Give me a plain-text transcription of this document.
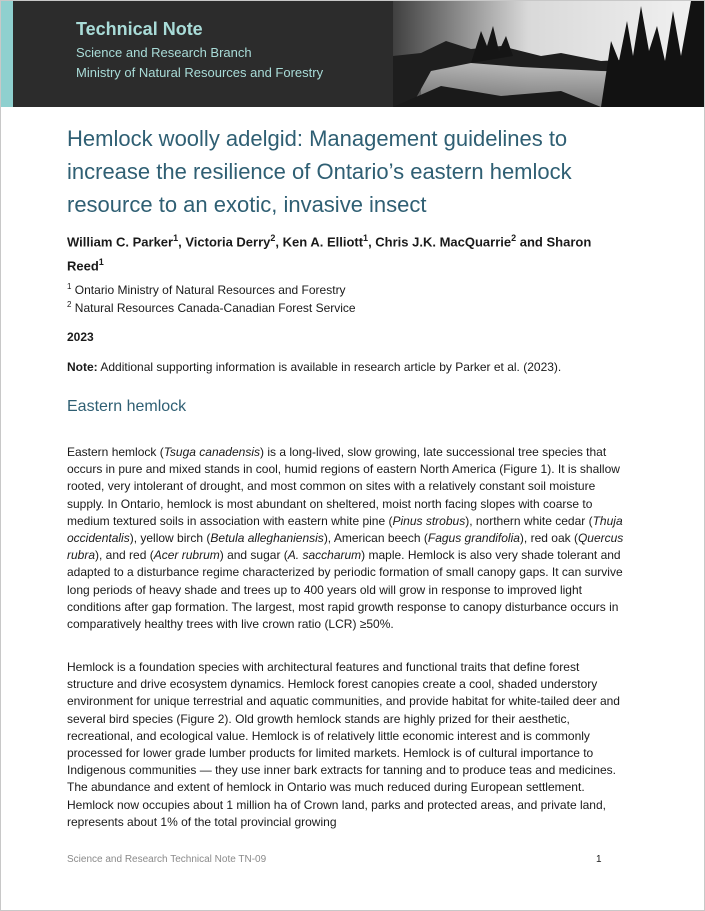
Technical Note
Science and Research Branch
Ministry of Natural Resources and Forestry
Hemlock woolly adelgid: Management guidelines to increase the resilience of Ontario’s eastern hemlock resource to an exotic, invasive insect
William C. Parker$^1$, Victoria Derry$^2$, Ken A. Elliott$^1$, Chris J.K. MacQuarrie$^2$ and Sharon Reed$^1$
$^1$ Ontario Ministry of Natural Resources and Forestry
$^2$ Natural Resources Canada-Canadian Forest Service
2023
Note: Additional supporting information is available in research article by Parker et al. (2023).
Eastern hemlock
Eastern hemlock (Tsuga canadensis) is a long-lived, slow growing, late successional tree species that occurs in pure and mixed stands in cool, humid regions of eastern North America (Figure 1). It is shallow rooted, very intolerant of drought, and most common on sites with a relatively constant soil moisture supply. In Ontario, hemlock is most abundant on sheltered, moist north facing slopes with coarse to medium textured soils in association with eastern white pine (Pinus strobus), northern white cedar (Thuja occidentalis), yellow birch (Betula alleghaniensis), American beech (Fagus grandifolia), red oak (Quercus rubra), and red (Acer rubrum) and sugar (A. saccharum) maple. Hemlock is also very shade tolerant and adapted to a disturbance regime characterized by periodic formation of small canopy gaps. It can survive long periods of heavy shade and trees up to 400 years old will grow in response to improved light conditions after gap formation. The largest, most rapid growth response to canopy disturbance occurs in comparatively healthy trees with live crown ratio (LCR) ≥50%.
Hemlock is a foundation species with architectural features and functional traits that define forest structure and drive ecosystem dynamics. Hemlock forest canopies create a cool, shaded understory environment for unique terrestrial and aquatic communities, and provide habitat for white-tailed deer and several bird species (Figure 2). Old growth hemlock stands are highly prized for their aesthetic, recreational, and ecological value. Hemlock is of relatively little economic interest and is commonly processed for lower grade lumber products for limited markets. Hemlock is of cultural importance to Indigenous communities — they use inner bark extracts for tanning and to produce teas and medicines. The abundance and extent of hemlock in Ontario was much reduced during European settlement. Hemlock now occupies about 1 million ha of Crown land, parks and protected areas, and private land, represents about 1% of the total provincial growing
Science and Research Technical Note TN-09	1
